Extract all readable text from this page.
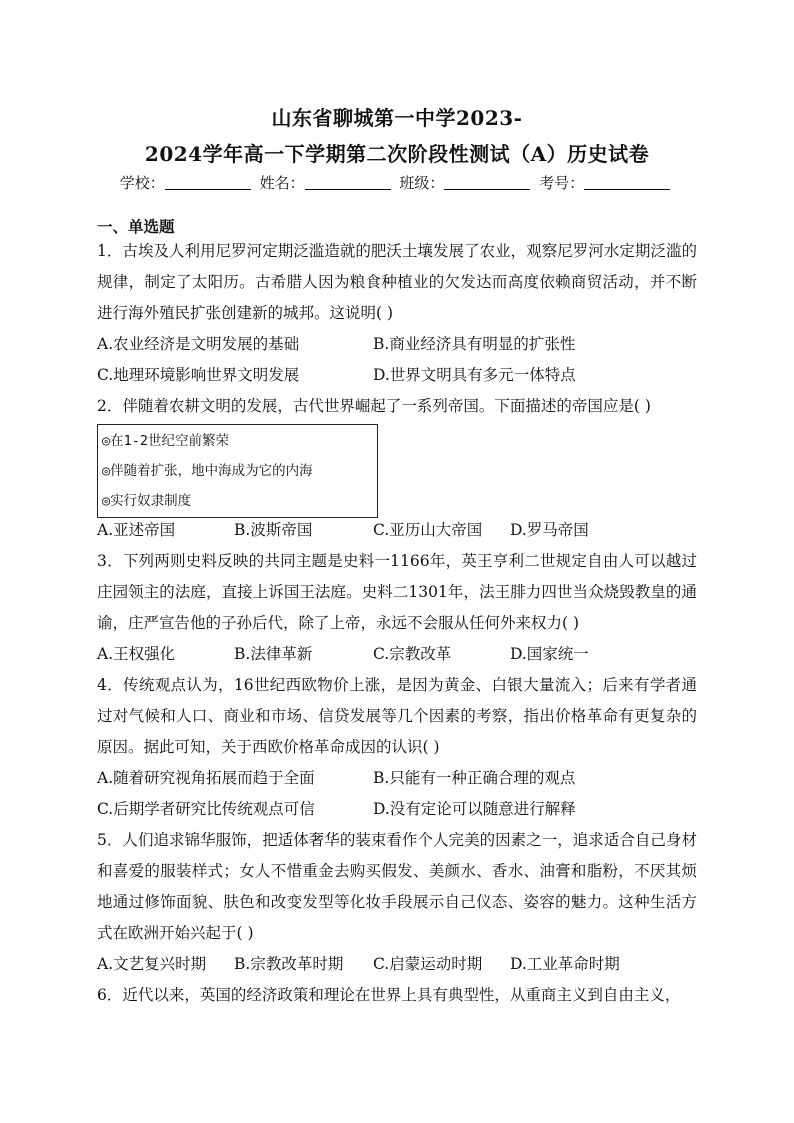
山东省聊城第一中学2023-
2024学年高一下学期第二次阶段性测试（A）历史试卷
学校：	姓名：	班级：	考号：
一、单选题
1．古埃及人利用尼罗河定期泛滥造就的肥沃土壤发展了农业，观察尼罗河水定期泛滥的规律，制定了太阳历。古希腊人因为粮食种植业的欠发达而高度依赖商贸活动，并不断进行海外殖民扩张创建新的城邦。这说明( )
A.农业经济是文明发展的基础	B.商业经济具有明显的扩张性
C.地理环境影响世界文明发展	D.世界文明具有多元一体特点
2．伴随着农耕文明的发展，古代世界崛起了一系列帝国。下面描述的帝国应是( )
◎在1-2世纪空前繁荣
◎伴随着扩张，地中海成为它的内海
◎实行奴隶制度
A.亚述帝国	B.波斯帝国	C.亚历山大帝国 D.罗马帝国
3．下列两则史料反映的共同主题是史料一1166年，英王亨利二世规定自由人可以越过庄园领主的法庭，直接上诉国王法庭。史料二1301年，法王腓力四世当众烧毁教皇的通谕，庄严宣告他的子孙后代，除了上帝，永远不会服从任何外来权力( )
A.王权强化	B.法律革新	C.宗教改革	D.国家统一
4．传统观点认为，16世纪西欧物价上涨，是因为黄金、白银大量流入；后来有学者通过对气候和人口、商业和市场、信贷发展等几个因素的考察，指出价格革命有更复杂的原因。据此可知，关于西欧价格革命成因的认识( )
A.随着研究视角拓展而趋于全面	B.只能有一种正确合理的观点
C.后期学者研究比传统观点可信	D.没有定论可以随意进行解释
5．人们追求锦华服饰，把适体奢华的装束看作个人完美的因素之一，追求适合自己身材和喜爱的服装样式；女人不惜重金去购买假发、美颜水、香水、油膏和脂粉，不厌其烦地通过修饰面貌、肤色和改变发型等化妆手段展示自己仪态、姿容的魅力。这种生活方式在欧洲开始兴起于( )
A.文艺复兴时期 B.宗教改革时期 C.启蒙运动时期 D.工业革命时期
6．近代以来，英国的经济政策和理论在世界上具有典型性，从重商主义到自由主义，
